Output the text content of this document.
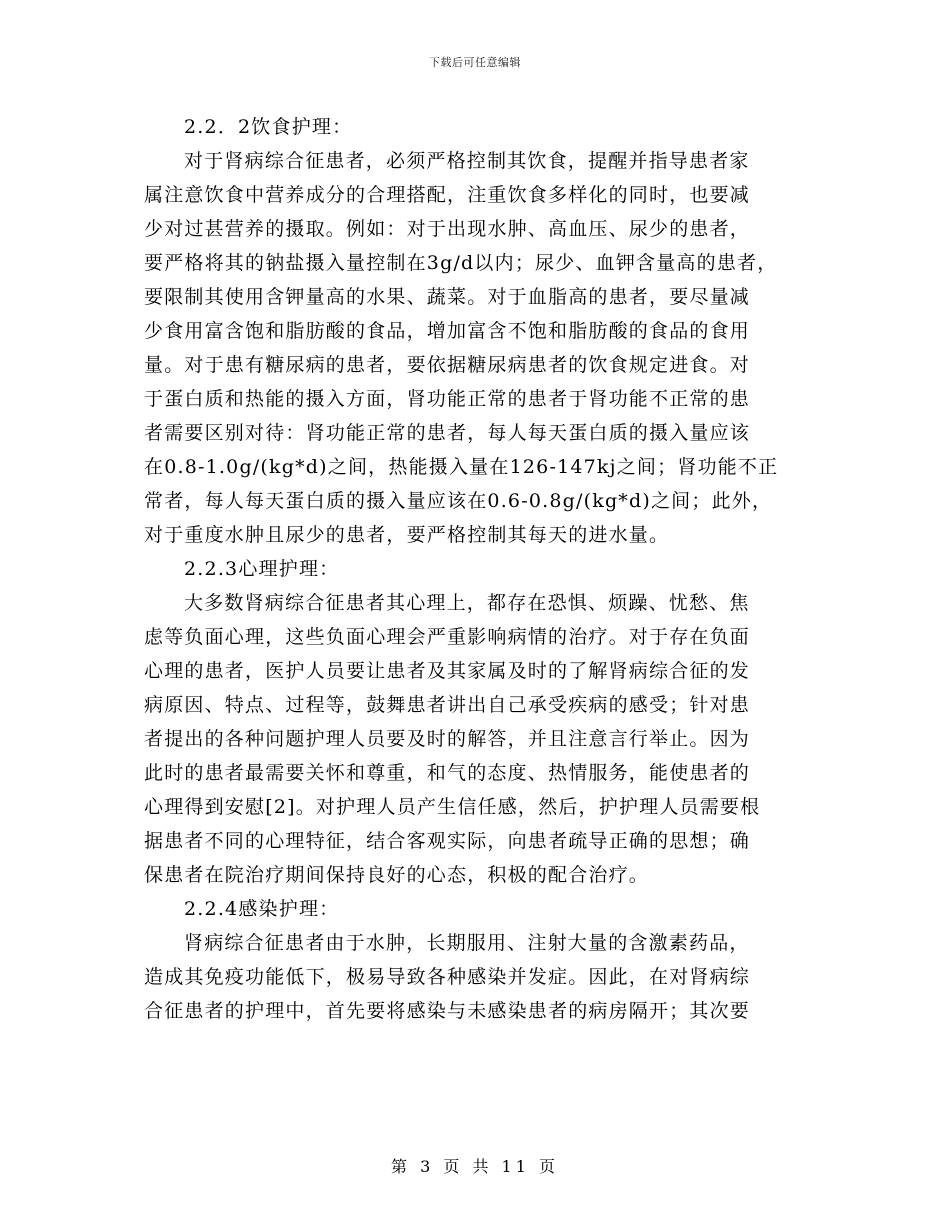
下载后可任意编辑
2.2．2饮食护理：
对于肾病综合征患者，必须严格控制其饮食，提醒并指导患者家
属注意饮食中营养成分的合理搭配，注重饮食多样化的同时，也要减
少对过甚营养的摄取。例如：对于出现水肿、高血压、尿少的患者，
要严格将其的钠盐摄入量控制在3g/d以内；尿少、血钾含量高的患者，
要限制其使用含钾量高的水果、蔬菜。对于血脂高的患者，要尽量减
少食用富含饱和脂肪酸的食品，增加富含不饱和脂肪酸的食品的食用
量。对于患有糖尿病的患者，要依据糖尿病患者的饮食规定进食。对
于蛋白质和热能的摄入方面，肾功能正常的患者于肾功能不正常的患
者需要区别对待：肾功能正常的患者，每人每天蛋白质的摄入量应该
在0.8-1.0g/(kg*d)之间，热能摄入量在126-147kj之间；肾功能不正
常者，每人每天蛋白质的摄入量应该在0.6-0.8g/(kg*d)之间；此外，
对于重度水肿且尿少的患者，要严格控制其每天的进水量。
2.2.3心理护理：
大多数肾病综合征患者其心理上，都存在恐惧、烦躁、忧愁、焦
虑等负面心理，这些负面心理会严重影响病情的治疗。对于存在负面
心理的患者，医护人员要让患者及其家属及时的了解肾病综合征的发
病原因、特点、过程等，鼓舞患者讲出自己承受疾病的感受；针对患
者提出的各种问题护理人员要及时的解答，并且注意言行举止。因为
此时的患者最需要关怀和尊重，和气的态度、热情服务，能使患者的
心理得到安慰[2]。对护理人员产生信任感，然后，护护理人员需要根
据患者不同的心理特征，结合客观实际，向患者疏导正确的思想；确
保患者在院治疗期间保持良好的心态，积极的配合治疗。
2.2.4感染护理：
肾病综合征患者由于水肿，长期服用、注射大量的含激素药品，
造成其免疫功能低下，极易导致各种感染并发症。因此，在对肾病综
合征患者的护理中，首先要将感染与未感染患者的病房隔开；其次要
第 3 页 共 11 页
